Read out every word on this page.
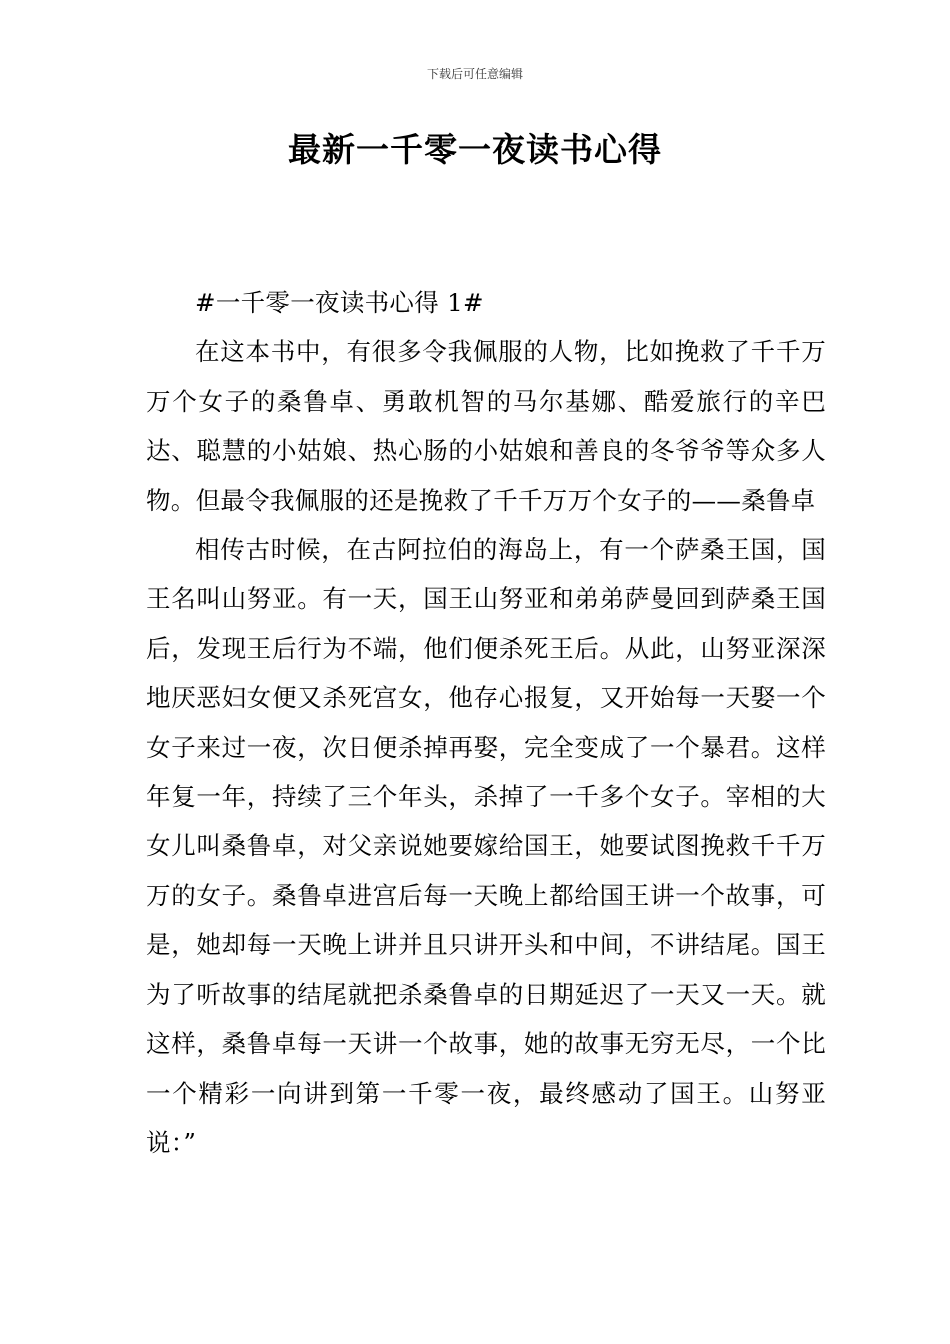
下载后可任意编辑
最新一千零一夜读书心得

#一千零一夜读书心得 1#

在这本书中，有很多令我佩服的人物，比如挽救了千千万万个女子的桑鲁卓、勇敢机智的马尔基娜、酷爱旅行的辛巴达、聪慧的小姑娘、热心肠的小姑娘和善良的冬爷爷等众多人物。但最令我佩服的还是挽救了千千万万个女子的——桑鲁卓

相传古时候，在古阿拉伯的海岛上，有一个萨桑王国，国王名叫山努亚。有一天，国王山努亚和弟弟萨曼回到萨桑王国后，发现王后行为不端，他们便杀死王后。从此，山努亚深深地厌恶妇女便又杀死宫女，他存心报复，又开始每一天娶一个女子来过一夜，次日便杀掉再娶，完全变成了一个暴君。这样年复一年，持续了三个年头，杀掉了一千多个女子。宰相的大女儿叫桑鲁卓，对父亲说她要嫁给国王，她要试图挽救千千万万的女子。桑鲁卓进宫后每一天晚上都给国王讲一个故事，可是，她却每一天晚上讲并且只讲开头和中间，不讲结尾。国王为了听故事的结尾就把杀桑鲁卓的日期延迟了一天又一天。就这样，桑鲁卓每一天讲一个故事，她的故事无穷无尽，一个比一个精彩一向讲到第一千零一夜，最终感动了国王。山努亚说：”
